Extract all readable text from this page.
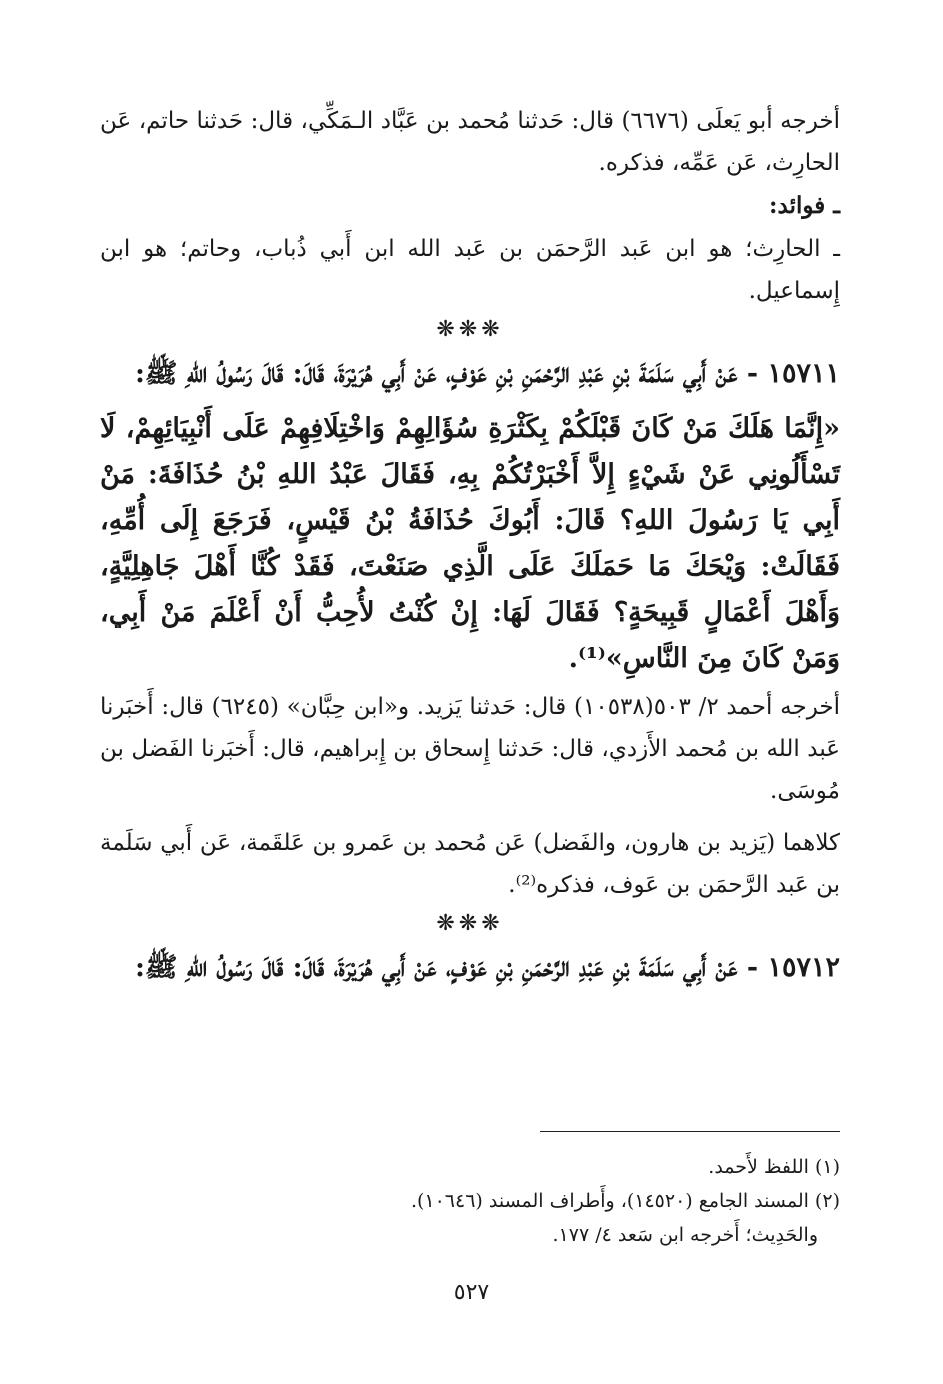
أخرجه أبو يَعلَى (٦٦٧٦) قال: حَدثنا مُحمد بن عَبَّاد الـمَكِّي، قال: حَدثنا حاتم، عَن الحارِث، عَن عَمِّه، فذكره.

ـ فوائد:

ـ الحارِث؛ هو ابن عَبد الرَّحمَن بن عَبد الله ابن أَبي ذُباب، وحاتم؛ هو ابن إِسماعيل.

❋❋❋

١٥٧١١ - عَنْ أَبِي سَلَمَةَ بْنِ عَبْدِ الرَّحْمَنِ بْنِ عَوْفٍ، عَنْ أَبِي هُرَيْرَةَ، قَالَ: قَالَ رَسُولُ اللهِ ﷺ:

«إِنَّمَا هَلَكَ مَنْ كَانَ قَبْلَكُمْ بِكَثْرَةِ سُؤَالِهِمْ وَاخْتِلَافِهِمْ عَلَى أَنْبِيَائِهِمْ، لَا تَسْأَلُونِي عَنْ شَيْءٍ إِلاَّ أَخْبَرْتُكُمْ بِهِ، فَقَالَ عَبْدُ اللهِ بْنُ حُذَافَةَ: مَنْ أَبِي يَا رَسُولَ اللهِ؟ قَالَ: أَبُوكَ حُذَافَةُ بْنُ قَيْسٍ، فَرَجَعَ إِلَى أُمِّهِ، فَقَالَتْ: وَيْحَكَ مَا حَمَلَكَ عَلَى الَّذِي صَنَعْتَ، فَقَدْ كُنَّا أَهْلَ جَاهِلِيَّةٍ، وَأَهْلَ أَعْمَالٍ قَبِيحَةٍ؟ فَقَالَ لَهَا: إِنْ كُنْتُ لأُحِبُّ أَنْ أَعْلَمَ مَنْ أَبِي، وَمَنْ كَانَ مِنَ النَّاسِ»⁽¹⁾.

أخرجه أحمد ٢/ ٥٠٣(١٠٥٣٨) قال: حَدثنا يَزيد. و«ابن حِبَّان» (٦٢٤٥) قال: أَخبَرنا عَبد الله بن مُحمد الأَزدي، قال: حَدثنا إِسحاق بن إِبراهيم، قال: أَخبَرنا الفَضل بن مُوسَى.

كلاهما (يَزيد بن هارون، والفَضل) عَن مُحمد بن عَمرو بن عَلقَمة، عَن أَبي سَلَمة بن عَبد الرَّحمَن بن عَوف، فذكره⁽²⁾.

❋❋❋

١٥٧١٢ - عَنْ أَبِي سَلَمَةَ بْنِ عَبْدِ الرَّحْمَنِ بْنِ عَوْفٍ، عَنْ أَبِي هُرَيْرَةَ، قَالَ: قَالَ رَسُولُ اللهِ ﷺ:

(١) اللفظ لأَحمد.

(٢) المسند الجامع (١٤٥٢٠)، وأَطراف المسند (١٠٦٤٦).

والحَدِيث؛ أَخرجه ابن سَعد ٤/ ١٧٧.

٥٢٧
